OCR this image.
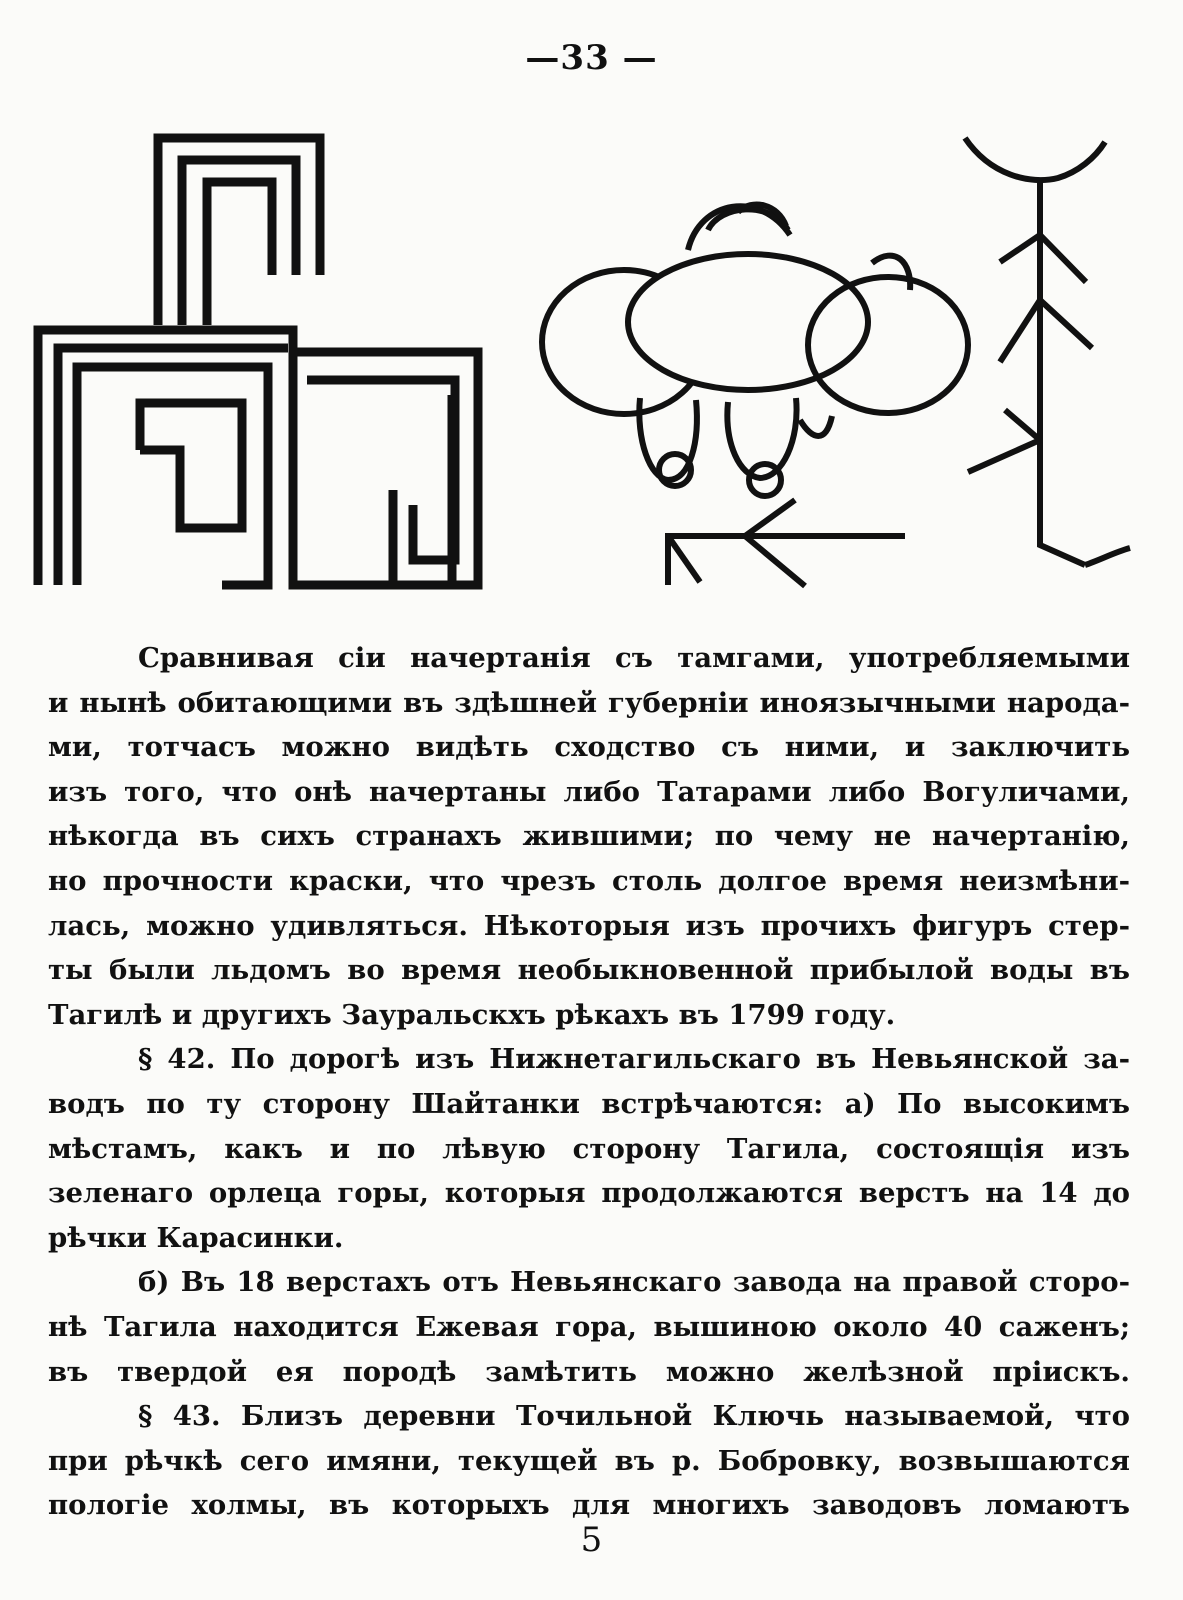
—33 —
Сравнивая сіи начертанія съ тамгами, употребляемыми
и нынѣ обитающими въ здѣшней губерніи иноязычными народа-
ми, тотчасъ можно видѣть сходство съ ними, и заключить
изъ того, что онѣ начертаны либо Татарами либо Вогуличами,
нѣкогда въ сихъ странахъ жившими; по чему не начертанію,
но прочности краски, что чрезъ столь долгое время неизмѣни-
лась, можно удивляться. Нѣкоторыя изъ прочихъ фигуръ стер-
ты были льдомъ во время необыкновенной прибылой воды въ
Тагилѣ и другихъ Зауральскхъ рѣкахъ въ 1799 году.
§ 42. По дорогѣ изъ Нижнетагильскаго въ Невьянской за-
водъ по ту сторону Шайтанки встрѣчаются: а) По высокимъ
мѣстамъ, какъ и по лѣвую сторону Тагила, состоящія изъ
зеленаго орлеца горы, которыя продолжаются верстъ на 14 до
рѣчки Карасинки.
б) Въ 18 верстахъ отъ Невьянскаго завода на правой сторо-
нѣ Тагила находится Ежевая гора, вышиною около 40 саженъ;
въ твердой ея породѣ замѣтить можно желѣзной пріискъ.
§ 43. Близъ деревни Точильной Ключь называемой, что
при рѣчкѣ сего имяни, текущей въ р. Бобровку, возвышаются
пологіе холмы, въ которыхъ для многихъ заводовъ ломаютъ
5
